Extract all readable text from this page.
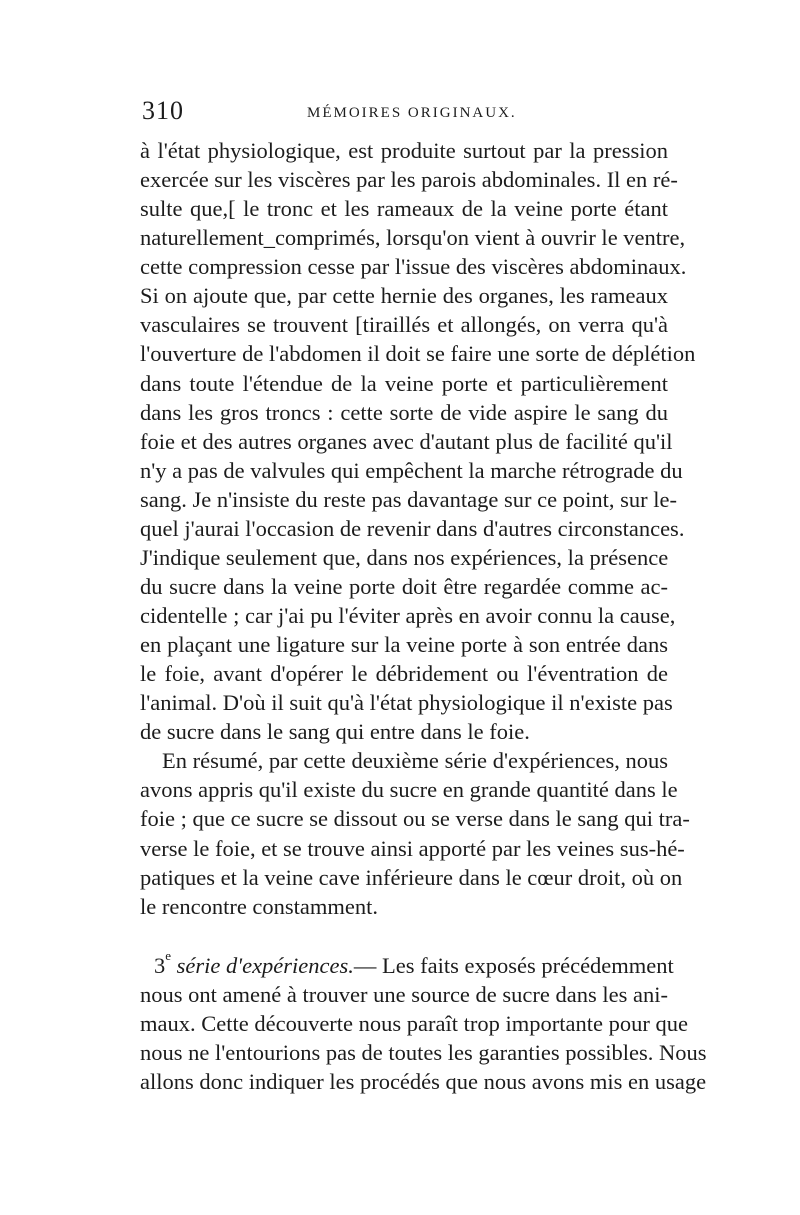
310	MÉMOIRES ORIGINAUX.
à l'état physiologique, est produite surtout par la pression
exercée sur les viscères par les parois abdominales. Il en ré-
sulte que,[ le tronc et les rameaux de la veine porte étant
naturellement_comprimés, lorsqu'on vient à ouvrir le ventre,
cette compression cesse par l'issue des viscères abdominaux.
Si on ajoute que, par cette hernie des organes, les rameaux
vasculaires se trouvent [tiraillés et allongés, on verra qu'à
l'ouverture de l'abdomen il doit se faire une sorte de déplétion
dans toute l'étendue de la veine porte et particulièrement
dans les gros troncs : cette sorte de vide aspire le sang du
foie et des autres organes avec d'autant plus de facilité qu'il
n'y a pas de valvules qui empêchent la marche rétrograde du
sang. Je n'insiste du reste pas davantage sur ce point, sur le-
quel j'aurai l'occasion de revenir dans d'autres circonstances.
J'indique seulement que, dans nos expériences, la présence
du sucre dans la veine porte doit être regardée comme ac-
cidentelle ; car j'ai pu l'éviter après en avoir connu la cause,
en plaçant une ligature sur la veine porte à son entrée dans
le foie, avant d'opérer le débridement ou l'éventration de
l'animal. D'où il suit qu'à l'état physiologique il n'existe pas
de sucre dans le sang qui entre dans le foie.
En résumé, par cette deuxième série d'expériences, nous
avons appris qu'il existe du sucre en grande quantité dans le
foie ; que ce sucre se dissout ou se verse dans le sang qui tra-
verse le foie, et se trouve ainsi apporté par les veines sus-hé-
patiques et la veine cave inférieure dans le cœur droit, où on
le rencontre constamment.
3e série d'expériences.— Les faits exposés précédemment
nous ont amené à trouver une source de sucre dans les ani-
maux. Cette découverte nous paraît trop importante pour que
nous ne l'entourions pas de toutes les garanties possibles. Nous
allons donc indiquer les procédés que nous avons mis en usage
